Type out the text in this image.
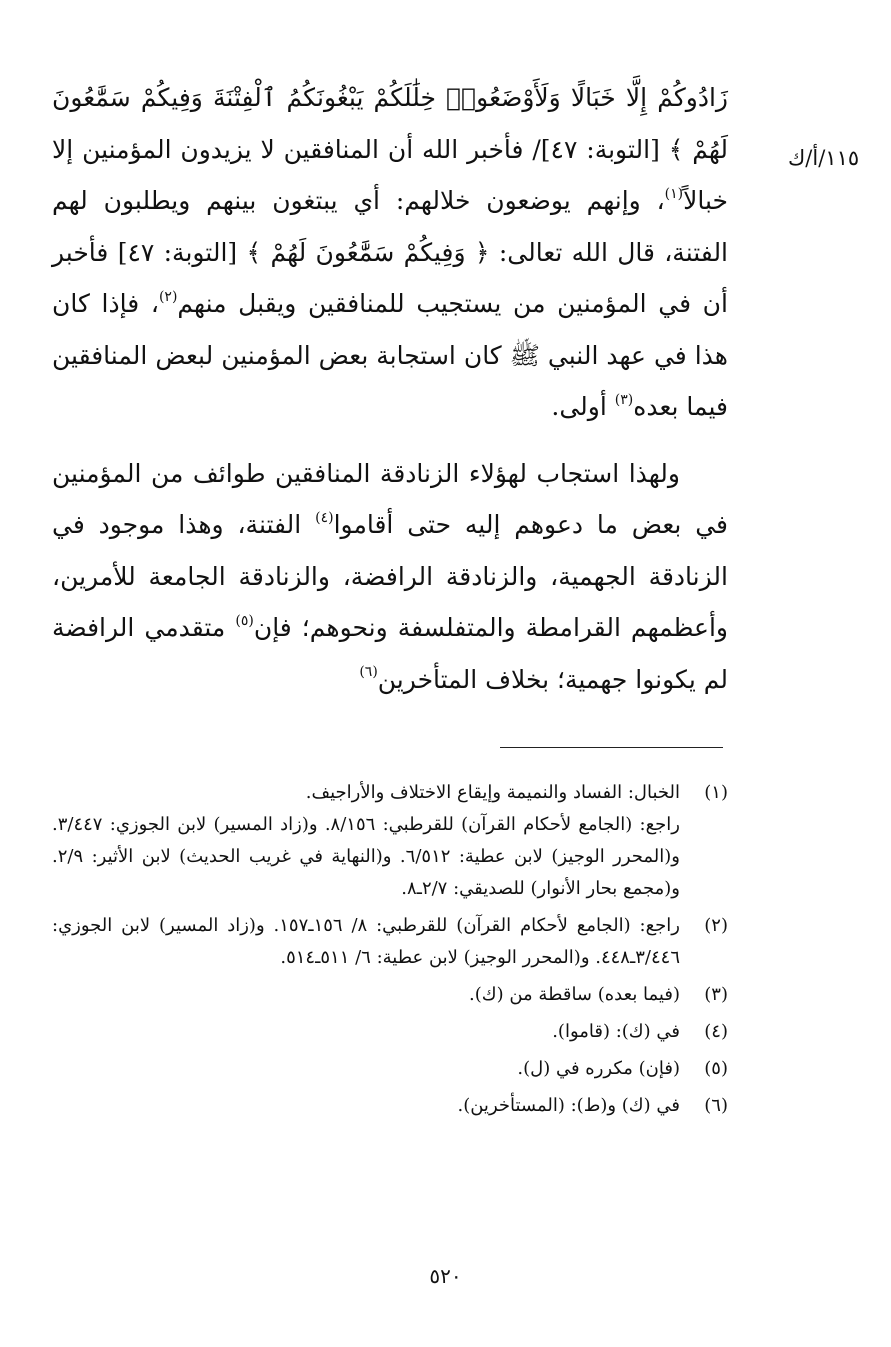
١١٥/أ/ك

زَادُوكُمْ إِلَّا خَبَالًا وَلَأَوْضَعُوا۟ خِلَٰلَكُمْ يَبْغُونَكُمُ ٱلْفِتْنَةَ وَفِيكُمْ سَمَّٰعُونَ لَهُمْ ﴾ [التوبة: ٤٧]/ فأخبر الله أن المنافقين لا يزيدون المؤمنين إلا خبالاً$^{(١)}$، وإنهم يوضعون خلالهم: أي يبتغون بينهم ويطلبون لهم الفتنة، قال الله تعالى: ﴿ وَفِيكُمْ سَمَّٰعُونَ لَهُمْ ﴾ [التوبة: ٤٧] فأخبر أن في المؤمنين من يستجيب للمنافقين ويقبل منهم$^{(٢)}$، فإذا كان هذا في عهد النبي ﷺ كان استجابة بعض المؤمنين لبعض المنافقين فيما بعده$^{(٣)}$ أولى.

ولهذا استجاب لهؤلاء الزنادقة المنافقين طوائف من المؤمنين في بعض ما دعوهم إليه حتى أقاموا$^{(٤)}$ الفتنة، وهذا موجود في الزنادقة الجهمية، والزنادقة الرافضة، والزنادقة الجامعة للأمرين، وأعظمهم القرامطة والمتفلسفة ونحوهم؛ فإن$^{(٥)}$ متقدمي الرافضة لم يكونوا جهمية؛ بخلاف المتأخرين$^{(٦)}$

(١)
الخبال: الفساد والنميمة وإيقاع الاختلاف والأراجيف.
راجع: (الجامع لأحكام القرآن) للقرطبي: ٨/١٥٦. و(زاد المسير) لابن الجوزي: ٣/٤٤٧. و(المحرر الوجيز) لابن عطية: ٦/٥١٢. و(النهاية في غريب الحديث) لابن الأثير: ٢/٩. و(مجمع بحار الأنوار) للصديقي: ٢/٧ـ٨.
(٢)
راجع: (الجامع لأحكام القرآن) للقرطبي: ٨/ ١٥٦ـ١٥٧. و(زاد المسير) لابن الجوزي: ٣/٤٤٦ـ٤٤٨. و(المحرر الوجيز) لابن عطية: ٦/ ٥١١ـ٥١٤.
(٣)
(فيما بعده) ساقطة من (ك).
(٤)
في (ك): (قاموا).
(٥)
(فإن) مكرره في (ل).
(٦)
في (ك) و(ط): (المستأخرين).
٥٢٠
